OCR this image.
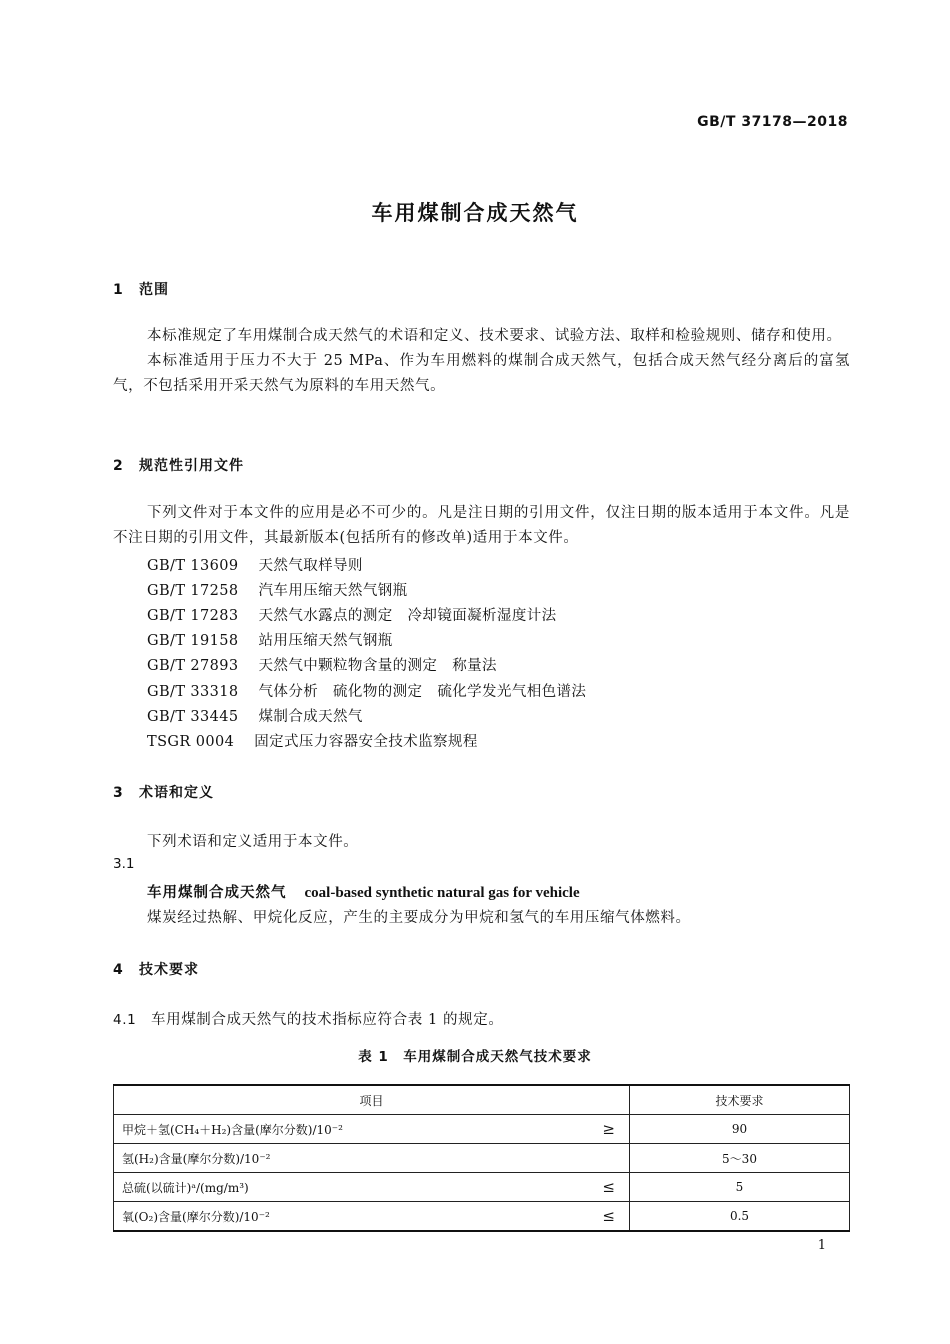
GB/T 37178—2018
车用煤制合成天然气
1 范围

本标准规定了车用煤制合成天然气的术语和定义、技术要求、试验方法、取样和检验规则、储存和使用。

本标准适用于压力不大于 25 MPa、作为车用燃料的煤制合成天然气，包括合成天然气经分离后的富氢气，不包括采用开采天然气为原料的车用天然气。

2 规范性引用文件

下列文件对于本文件的应用是必不可少的。凡是注日期的引用文件，仅注日期的版本适用于本文件。凡是不注日期的引用文件，其最新版本(包括所有的修改单)适用于本文件。

GB/T 13609 天然气取样导则
GB/T 17258 汽车用压缩天然气钢瓶
GB/T 17283 天然气水露点的测定　冷却镜面凝析湿度计法
GB/T 19158 站用压缩天然气钢瓶
GB/T 27893 天然气中颗粒物含量的测定　称量法
GB/T 33318 气体分析　硫化物的测定　硫化学发光气相色谱法
GB/T 33445 煤制合成天然气
TSGR 0004 固定式压力容器安全技术监察规程
3 术语和定义
下列术语和定义适用于本文件。
3.1
车用煤制合成天然气 coal-based synthetic natural gas for vehicle
煤炭经过热解、甲烷化反应，产生的主要成分为甲烷和氢气的车用压缩气体燃料。
4 技术要求
4.1 车用煤制合成天然气的技术指标应符合表 1 的规定。
表 1　车用煤制合成天然气技术要求
项目	技术要求
甲烷＋氢(CH₄＋H₂)含量(摩尔分数)/10⁻² ≥	90
氢(H₂)含量(摩尔分数)/10⁻²	5～30
总硫(以硫计)ᵃ/(mg/m³) ≤	5
氧(O₂)含量(摩尔分数)/10⁻² ≤	0.5
1
